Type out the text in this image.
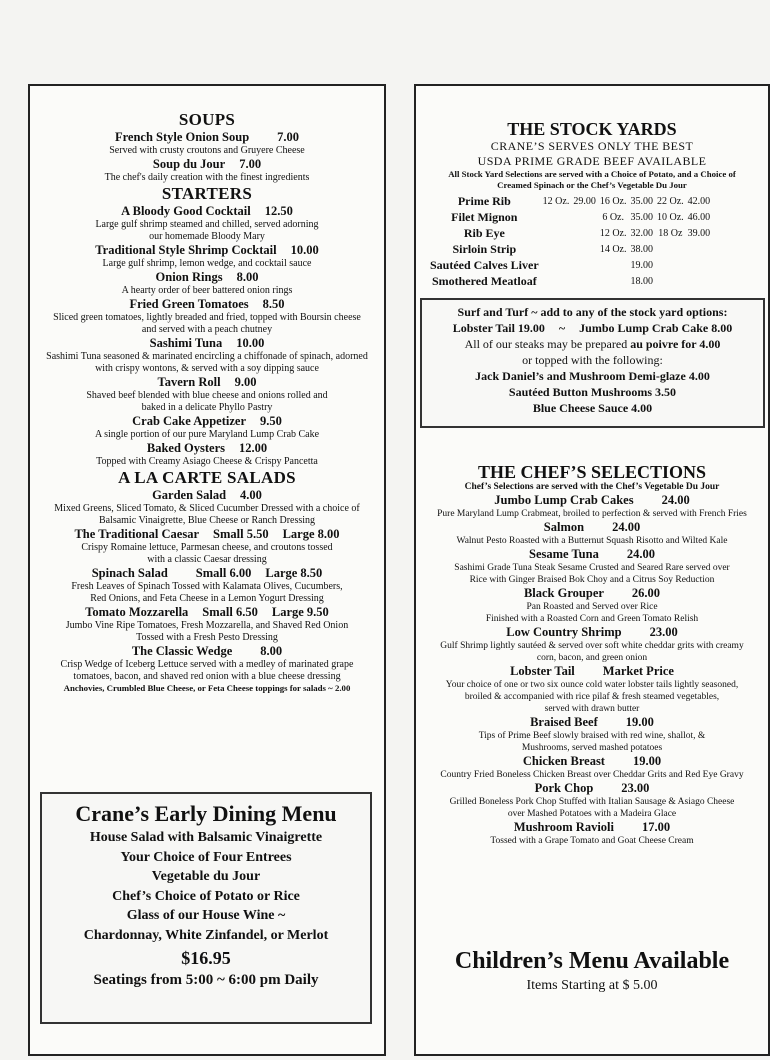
SOUPS
French Style Onion Soup 7.00
Served with crusty croutons and Gruyere Cheese
Soup du Jour 7.00
The chef's daily creation with the finest ingredients
STARTERS
A Bloody Good Cocktail 12.50
Large gulf shrimp steamed and chilled, served adorning
our homemade Bloody Mary
Traditional Style Shrimp Cocktail 10.00
Large gulf shrimp, lemon wedge, and cocktail sauce
Onion Rings 8.00
A hearty order of beer battered onion rings
Fried Green Tomatoes 8.50
Sliced green tomatoes, lightly breaded and fried, topped with Boursin cheese
and served with a peach chutney
Sashimi Tuna 10.00
Sashimi Tuna seasoned & marinated encircling a chiffonade of spinach, adorned
with crispy wontons, & served with a soy dipping sauce
Tavern Roll 9.00
Shaved beef blended with blue cheese and onions rolled and
baked in a delicate Phyllo Pastry
Crab Cake Appetizer 9.50
A single portion of our pure Maryland Lump Crab Cake
Baked Oysters 12.00
Topped with Creamy Asiago Cheese & Crispy Pancetta
A LA CARTE SALADS
Garden Salad 4.00
Mixed Greens, Sliced Tomato, & Sliced Cucumber Dressed with a choice of
Balsamic Vinaigrette, Blue Cheese or Ranch Dressing
The Traditional Caesar Small 5.50 Large 8.00
Crispy Romaine lettuce, Parmesan cheese, and croutons tossed
with a classic Caesar dressing
Spinach Salad Small 6.00 Large 8.50
Fresh Leaves of Spinach Tossed with Kalamata Olives, Cucumbers,
Red Onions, and Feta Cheese in a Lemon Yogurt Dressing
Tomato Mozzarella Small 6.50 Large 9.50
Jumbo Vine Ripe Tomatoes, Fresh Mozzarella, and Shaved Red Onion
Tossed with a Fresh Pesto Dressing
The Classic Wedge 8.00
Crisp Wedge of Iceberg Lettuce served with a medley of marinated grape
tomatoes, bacon, and shaved red onion with a blue cheese dressing
Anchovies, Crumbled Blue Cheese, or Feta Cheese toppings for salads ~ 2.00
Crane’s Early Dining Menu
House Salad with Balsamic Vinaigrette
Your Choice of Four Entrees
Vegetable du Jour
Chef’s Choice of Potato or Rice
Glass of our House Wine ~
Chardonnay, White Zinfandel, or Merlot
$16.95
Seatings from 5:00 ~ 6:00 pm Daily
THE STOCK YARDS
CRANE’S SERVES ONLY THE BEST
USDA PRIME GRADE BEEF AVAILABLE
All Stock Yard Selections are served with a Choice of Potato, and a Choice of
Creamed Spinach or the Chef’s Vegetable Du Jour
Prime Rib	12 Oz.	29.00	16 Oz.	35.00	22 Oz.	42.00
Filet Mignon			6 Oz.	35.00	10 Oz.	46.00
Rib Eye			12 Oz.	32.00	18 Oz	39.00
Sirloin Strip			14 Oz.	38.00		
Sautéed Calves Liver				19.00		
Smothered Meatloaf				18.00		
Surf and Turf ~ add to any of the stock yard options:
Lobster Tail 19.00 ~ Jumbo Lump Crab Cake 8.00
All of our steaks may be prepared au poivre for 4.00
or topped with the following:
Jack Daniel’s and Mushroom Demi-glaze 4.00
Sautéed Button Mushrooms 3.50
Blue Cheese Sauce 4.00
THE CHEF’S SELECTIONS
Chef’s Selections are served with the Chef’s Vegetable Du Jour
Jumbo Lump Crab Cakes 24.00
Pure Maryland Lump Crabmeat, broiled to perfection & served with French Fries
Salmon 24.00
Walnut Pesto Roasted with a Butternut Squash Risotto and Wilted Kale
Sesame Tuna 24.00
Sashimi Grade Tuna Steak Sesame Crusted and Seared Rare served over
Rice with Ginger Braised Bok Choy and a Citrus Soy Reduction
Black Grouper 26.00
Pan Roasted and Served over Rice
Finished with a Roasted Corn and Green Tomato Relish
Low Country Shrimp 23.00
Gulf Shrimp lightly sautéed & served over soft white cheddar grits with creamy
corn, bacon, and green onion
Lobster Tail Market Price
Your choice of one or two six ounce cold water lobster tails lightly seasoned,
broiled & accompanied with rice pilaf & fresh steamed vegetables,
served with drawn butter
Braised Beef 19.00
Tips of Prime Beef slowly braised with red wine, shallot, &
Mushrooms, served mashed potatoes
Chicken Breast 19.00
Country Fried Boneless Chicken Breast over Cheddar Grits and Red Eye Gravy
Pork Chop 23.00
Grilled Boneless Pork Chop Stuffed with Italian Sausage & Asiago Cheese
over Mashed Potatoes with a Madeira Glace
Mushroom Ravioli 17.00
Tossed with a Grape Tomato and Goat Cheese Cream
Children’s Menu Available
Items Starting at $ 5.00
